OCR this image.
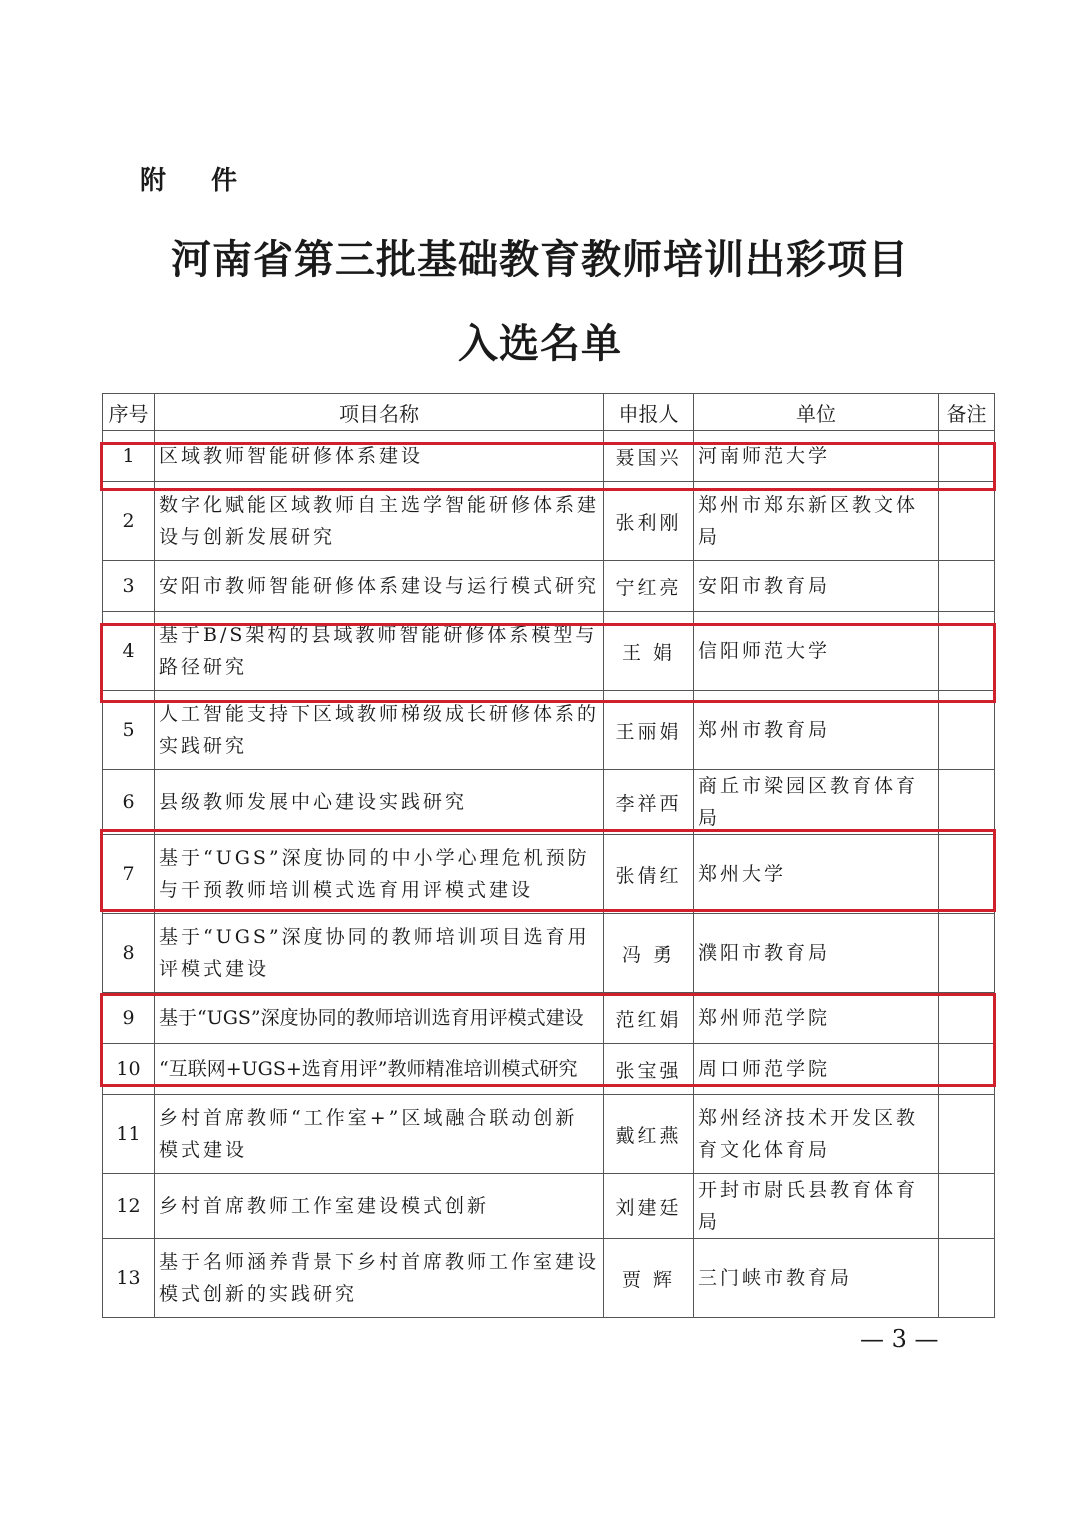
附 件
河南省第三批基础教育教师培训出彩项目
入选名单
序号	项目名称	申报人	单位	备注
1	区域教师智能研修体系建设	聂国兴	河南师范大学	
2	数字化赋能区域教师自主选学智能研修体系建设与创新发展研究	张利刚	郑州市郑东新区教文体局	
3	安阳市教师智能研修体系建设与运行模式研究	宁红亮	安阳市教育局	
4	基于B/S架构的县域教师智能研修体系模型与路径研究	王 娟	信阳师范大学	
5	人工智能支持下区域教师梯级成长研修体系的实践研究	王丽娟	郑州市教育局	
6	县级教师发展中心建设实践研究	李祥西	商丘市梁园区教育体育局	
7	基于“UGS”深度协同的中小学心理危机预防与干预教师培训模式选育用评模式建设	张倩红	郑州大学	
8	基于“UGS”深度协同的教师培训项目选育用评模式建设	冯 勇	濮阳市教育局	
9	基于“UGS”深度协同的教师培训选育用评模式建设	范红娟	郑州师范学院	
10	“互联网+UGS+选育用评”教师精准培训模式研究	张宝强	周口师范学院	
11	乡村首席教师“工作室+”区域融合联动创新模式建设	戴红燕	郑州经济技术开发区教育文化体育局	
12	乡村首席教师工作室建设模式创新	刘建廷	开封市尉氏县教育体育局	
13	基于名师涵养背景下乡村首席教师工作室建设模式创新的实践研究	贾 辉	三门峡市教育局	
— 3 —
